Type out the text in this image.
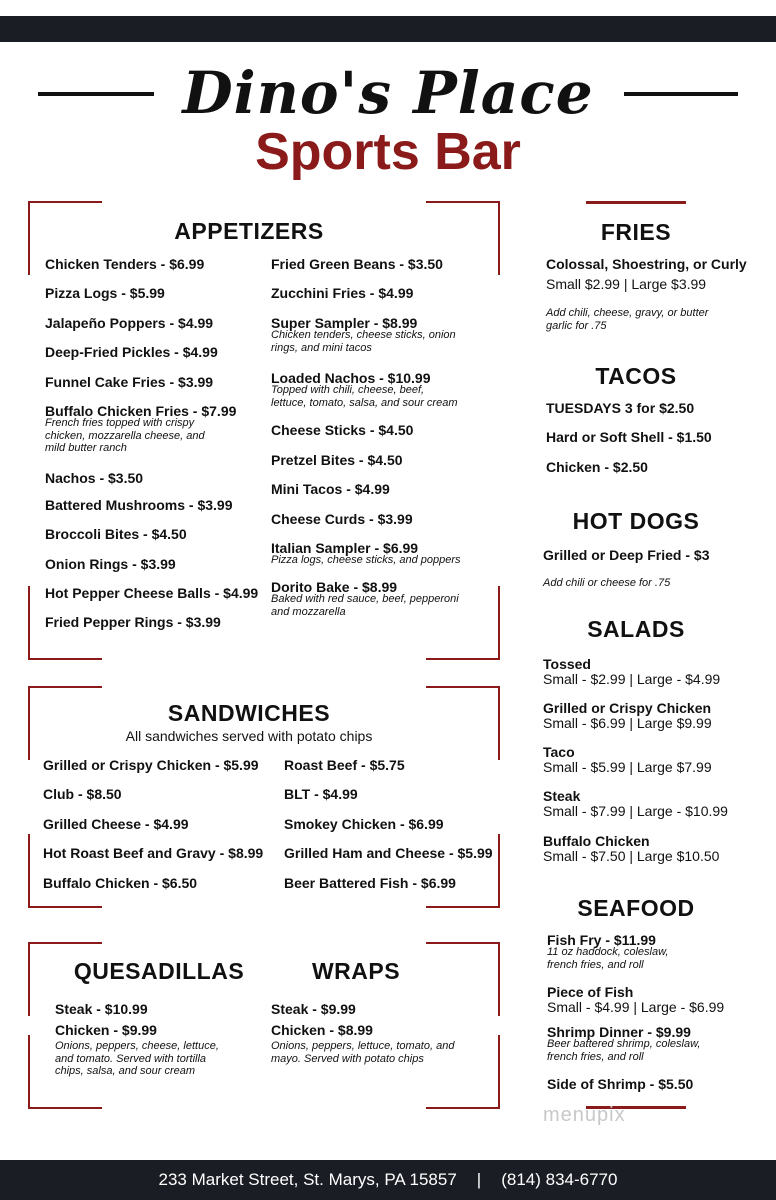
Dino's Place
Sports Bar
APPETIZERS
Chicken Tenders - $6.99
Pizza Logs - $5.99
Jalapeño Poppers - $4.99
Deep-Fried Pickles - $4.99
Funnel Cake Fries - $3.99
Buffalo Chicken Fries - $7.99
French fries topped with crispy
chicken, mozzarella cheese, and
mild butter ranch
Nachos - $3.50
Battered Mushrooms - $3.99
Broccoli Bites - $4.50
Onion Rings - $3.99
Hot Pepper Cheese Balls - $4.99
Fried Pepper Rings - $3.99
Fried Green Beans - $3.50
Zucchini Fries - $4.99
Super Sampler - $8.99
Chicken tenders, cheese sticks, onion
rings, and mini tacos
Loaded Nachos - $10.99
Topped with chili, cheese, beef,
lettuce, tomato, salsa, and sour cream
Cheese Sticks - $4.50
Pretzel Bites - $4.50
Mini Tacos - $4.99
Cheese Curds - $3.99
Italian Sampler - $6.99
Pizza logs, cheese sticks, and poppers
Dorito Bake - $8.99
Baked with red sauce, beef, pepperoni
and mozzarella
SANDWICHES
All sandwiches served with potato chips
Grilled or Crispy Chicken - $5.99
Club - $8.50
Grilled Cheese - $4.99
Hot Roast Beef and Gravy - $8.99
Buffalo Chicken - $6.50
Roast Beef - $5.75
BLT - $4.99
Smokey Chicken - $6.99
Grilled Ham and Cheese - $5.99
Beer Battered Fish - $6.99
QUESADILLAS
Steak - $10.99
Chicken - $9.99
Onions, peppers, cheese, lettuce,
and tomato. Served with tortilla
chips, salsa, and sour cream
WRAPS
Steak - $9.99
Chicken - $8.99
Onions, peppers, lettuce, tomato, and
mayo. Served with potato chips
FRIES
Colossal, Shoestring, or Curly
Small $2.99 | Large $3.99
Add chili, cheese, gravy, or butter
garlic for .75
TACOS
TUESDAYS 3 for $2.50
Hard or Soft Shell - $1.50
Chicken - $2.50
HOT DOGS
Grilled or Deep Fried - $3
Add chili or cheese for .75
SALADS
Tossed
Small - $2.99 | Large - $4.99
Grilled or Crispy Chicken
Small - $6.99 | Large $9.99
Taco
Small - $5.99 | Large $7.99
Steak
Small - $7.99 | Large - $10.99
Buffalo Chicken
Small - $7.50 | Large $10.50
SEAFOOD
Fish Fry - $11.99
11 oz haddock, coleslaw,
french fries, and roll
Piece of Fish
Small - $4.99 | Large - $6.99
Shrimp Dinner - $9.99
Beer battered shrimp, coleslaw,
french fries, and roll
Side of Shrimp - $5.50
menupix
233 Market Street, St. Marys, PA 15857 | (814) 834-6770
